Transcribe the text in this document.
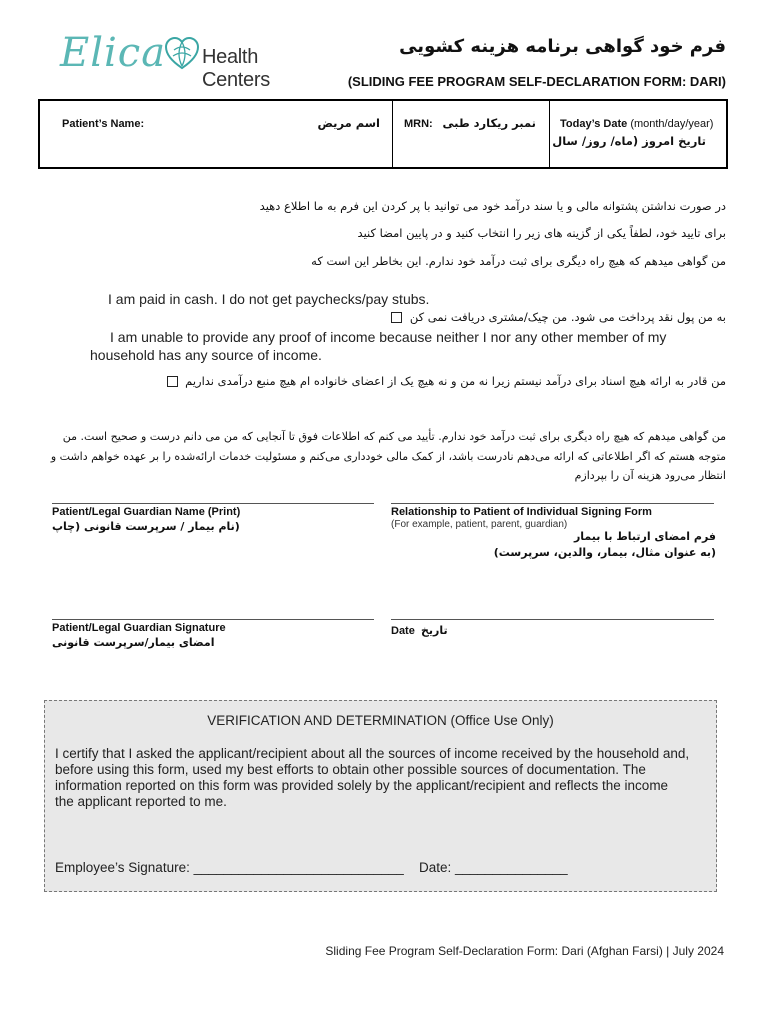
Elica Health Centers
فرم خود گواهی برنامه هزینه کشویی
(SLIDING FEE PROGRAM SELF-DECLARATION FORM: DARI)
Patient’s Name:	اسم مریض MRN: نمبر ریکارد طبی Today’s Date (month/day/year)
تاریخ امروز (ماه/ روز/ سال
در صورت نداشتن پشتوانه مالی و یا سند درآمد خود می توانید با پر کردن این فرم به ما اطلاع دهید
برای تایید خود، لطفاً یکی از گزینه های زیر را انتخاب کنید و در پایین امضا کنید
من گواهی میدهم که هیچ راه دیگری برای ثبت درآمد خود ندارم. این بخاطر این است که
I am paid in cash. I do not get paychecks/pay stubs.
به من پول نقد پرداخت می شود. من چیک/مشتری دریافت نمی کن
I am unable to provide any proof of income because neither I nor any other member of my
household has any source of income.
من قادر به ارائه هیچ اسناد برای درآمد نیستم زیرا نه من و نه هیچ یک از اعضای خانواده ام هیچ منبع درآمدی نداریم
من گواهی میدهم که هیچ راه دیگری برای ثبت درآمد خود ندارم. تأیید می کنم که اطلاعات فوق تا آنجایی که من می دانم درست و صحیح است. من
متوجه هستم که اگر اطلاعاتی که ارائه می‌دهم نادرست باشد، از کمک مالی خودداری می‌کنم و مسئولیت خدمات ارائه‌شده را بر عهده خواهم داشت و
انتظار می‌رود هزینه آن را بپردازم
Patient/Legal Guardian Name (Print)
(نام بیمار / سرپرست قانونی (چاپ
Relationship to Patient of Individual Signing Form
(For example, patient, parent, guardian)
فرم امضای ارتباط با بیمار
(به عنوان مثال، بیمار، والدین، سرپرست)
Patient/Legal Guardian Signature
امضای بیمار/سرپرست قانونی
Date تاریخ
VERIFICATION AND DETERMINATION (Office Use Only)
I certify that I asked the applicant/recipient about all the sources of income received by the household and,
before using this form, used my best efforts to obtain other possible sources of documentation. The
information reported on this form was provided solely by the applicant/recipient and reflects the income
the applicant reported to me.
Employee’s Signature: ____________________________ Date: _______________
Sliding Fee Program Self-Declaration Form: Dari (Afghan Farsi) | July 2024
